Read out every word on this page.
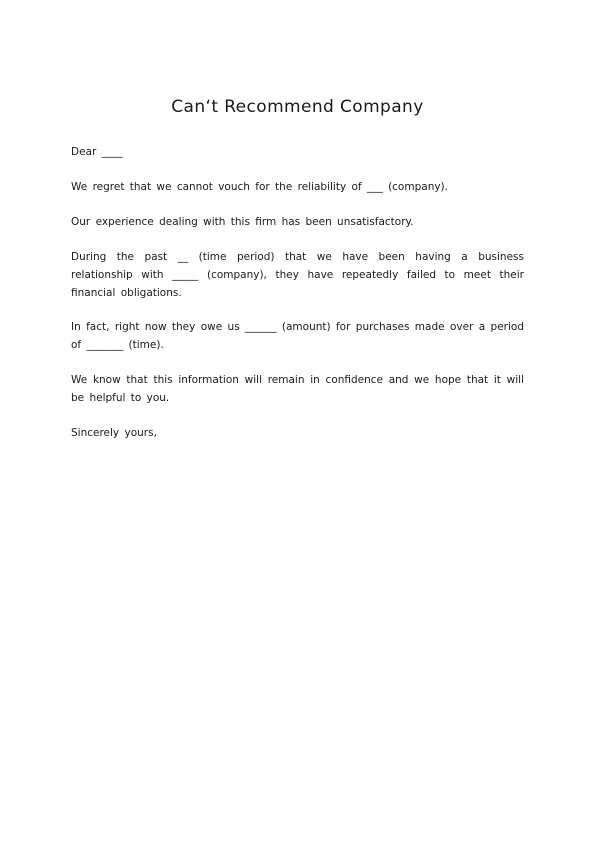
Can‘t Recommend Company

Dear ____

We regret that we cannot vouch for the reliability of ___ (company).

Our experience dealing with this firm has been unsatisfactory.

During the past __ (time period) that we have been having a business relationship with _____ (company), they have repeatedly failed to meet their financial obligations.

In fact, right now they owe us ______ (amount) for purchases made over a period of _______ (time).

We know that this information will remain in confidence and we hope that it will be helpful to you.

Sincerely yours,
